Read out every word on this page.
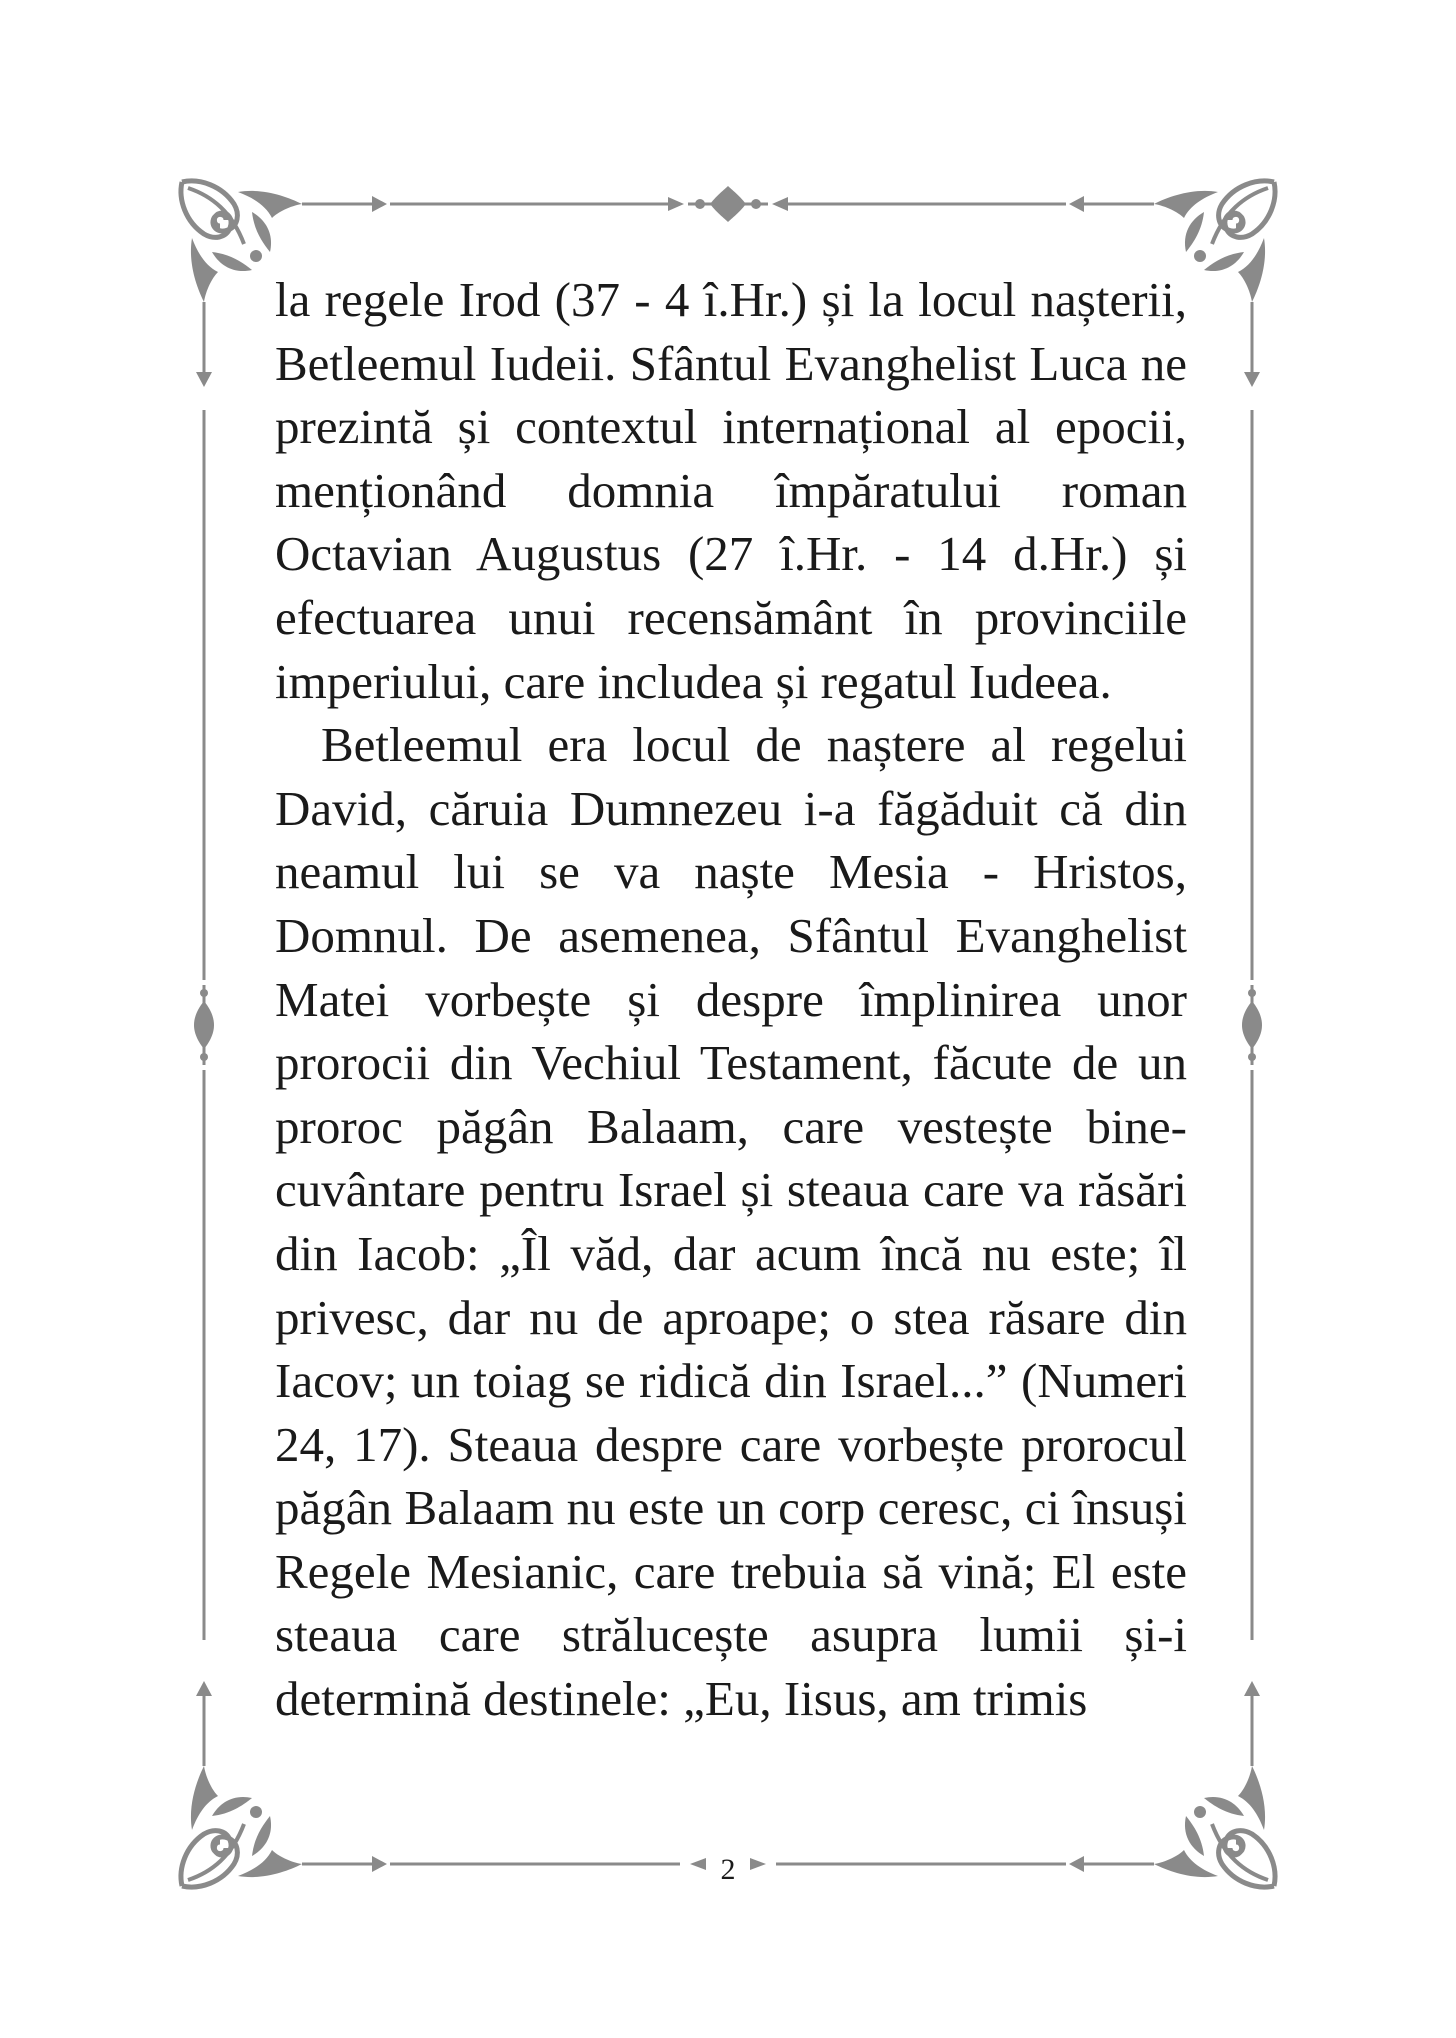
la regele Irod (37 - 4 î.Hr.) și la locul nașterii, Betleemul Iudeii. Sfântul Evanghelist Luca ne prezintă și contextul internațional al epocii, menționând domnia împăratului roman Octavian Augustus (27 î.Hr. - 14 d.Hr.) și efectuarea unui recensământ în provinciile imperiului, care includea și regatul Iudeea.

Betleemul era locul de naștere al regelui David, căruia Dumnezeu i-a făgăduit că din neamul lui se va naște Mesia - Hristos, Domnul. De asemenea, Sfântul Evanghelist Matei vorbește și despre împlinirea unor prorocii din Vechiul Testament, făcute de un proroc păgân Balaam, care vestește bine-cuvântare pentru Israel și steaua care va răsări din Iacob: „Îl văd, dar acum încă nu este; îl privesc, dar nu de aproape; o stea răsare din Iacov; un toiag se ridică din Israel...” (Numeri 24, 17). Steaua despre care vorbește prorocul păgân Balaam nu este un corp ceresc, ci însuși Regele Mesianic, care trebuia să vină; El este steaua care strălucește asupra lumii și-i determină destinele: „Eu, Iisus, am trimis

2
